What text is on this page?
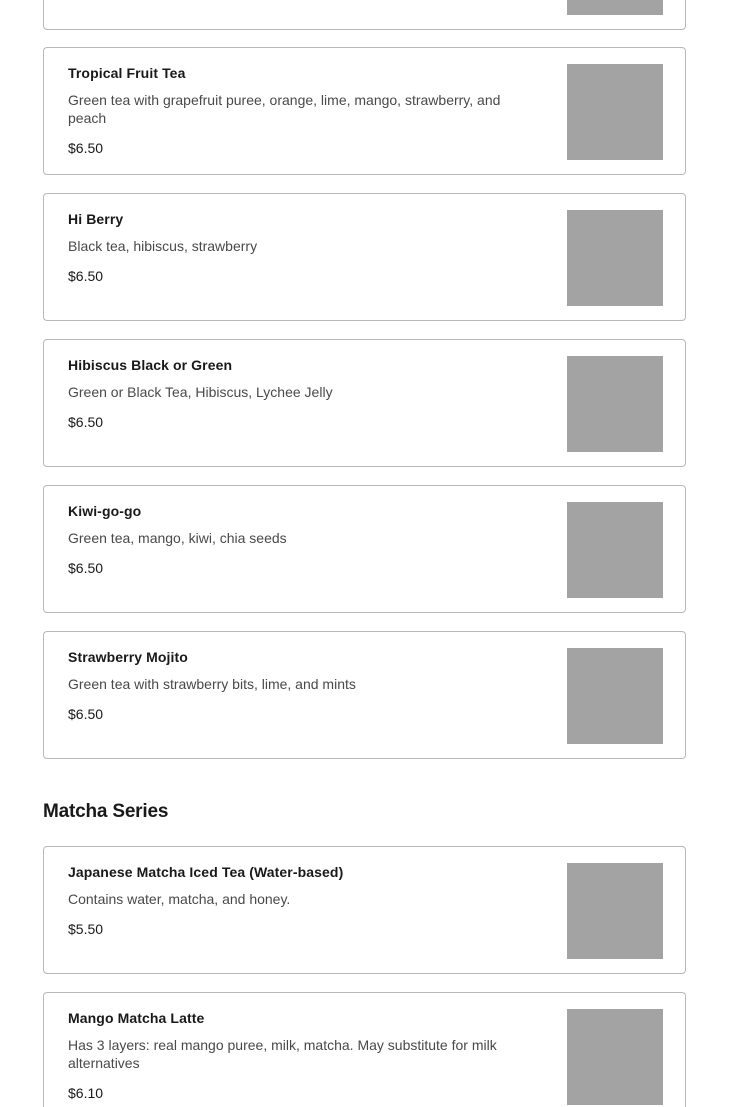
Tropical Fruit Tea
Green tea with grapefruit puree, orange, lime, mango, strawberry, and peach
$6.50
Hi Berry
Black tea, hibiscus, strawberry
$6.50
Hibiscus Black or Green
Green or Black Tea, Hibiscus, Lychee Jelly
$6.50
Kiwi-go-go
Green tea, mango, kiwi, chia seeds
$6.50
Strawberry Mojito
Green tea with strawberry bits, lime, and mints
$6.50
Matcha Series
Japanese Matcha Iced Tea (Water-based)
Contains water, matcha, and honey.
$5.50
Mango Matcha Latte
Has 3 layers: real mango puree, milk, matcha. May substitute for milk alternatives
$6.10
